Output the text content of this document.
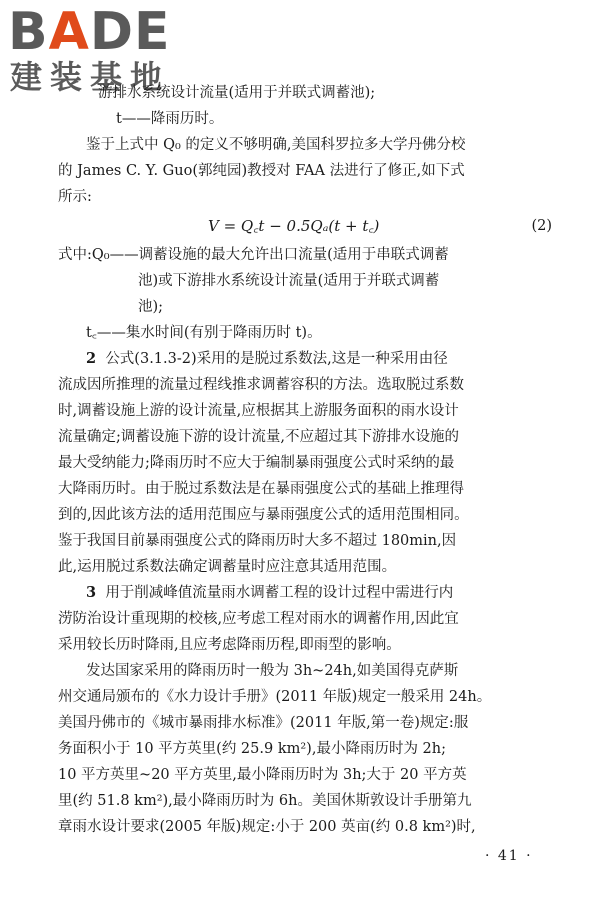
BADE
建装基地
游排水系统设计流量(适用于并联式调蓄池);
t——降雨历时。
鉴于上式中 Q₀ 的定义不够明确,美国科罗拉多大学丹佛分校
的 James C. Y. Guo(郭纯园)教授对 FAA 法进行了修正,如下式
所示:
V = Q꜀t − 0.5Qₐ(t + t꜀)	(2)
式中:Q₀——调蓄设施的最大允许出口流量(适用于串联式调蓄
池)或下游排水系统设计流量(适用于并联式调蓄
池);
t꜀——集水时间(有别于降雨历时 t)。
2 公式(3.1.3-2)采用的是脱过系数法,这是一种采用由径
流成因所推理的流量过程线推求调蓄容积的方法。选取脱过系数
时,调蓄设施上游的设计流量,应根据其上游服务面积的雨水设计
流量确定;调蓄设施下游的设计流量,不应超过其下游排水设施的
最大受纳能力;降雨历时不应大于编制暴雨强度公式时采纳的最
大降雨历时。由于脱过系数法是在暴雨强度公式的基础上推理得
到的,因此该方法的适用范围应与暴雨强度公式的适用范围相同。
鉴于我国目前暴雨强度公式的降雨历时大多不超过 180min,因
此,运用脱过系数法确定调蓄量时应注意其适用范围。
3 用于削减峰值流量雨水调蓄工程的设计过程中需进行内
涝防治设计重现期的校核,应考虑工程对雨水的调蓄作用,因此宜
采用较长历时降雨,且应考虑降雨历程,即雨型的影响。
发达国家采用的降雨历时一般为 3h~24h,如美国得克萨斯
州交通局颁布的《水力设计手册》(2011 年版)规定一般采用 24h。
美国丹佛市的《城市暴雨排水标准》(2011 年版,第一卷)规定:服
务面积小于 10 平方英里(约 25.9 km²),最小降雨历时为 2h;
10 平方英里~20 平方英里,最小降雨历时为 3h;大于 20 平方英
里(约 51.8 km²),最小降雨历时为 6h。美国休斯敦设计手册第九
章雨水设计要求(2005 年版)规定:小于 200 英亩(约 0.8 km²)时,
· 41 ·
